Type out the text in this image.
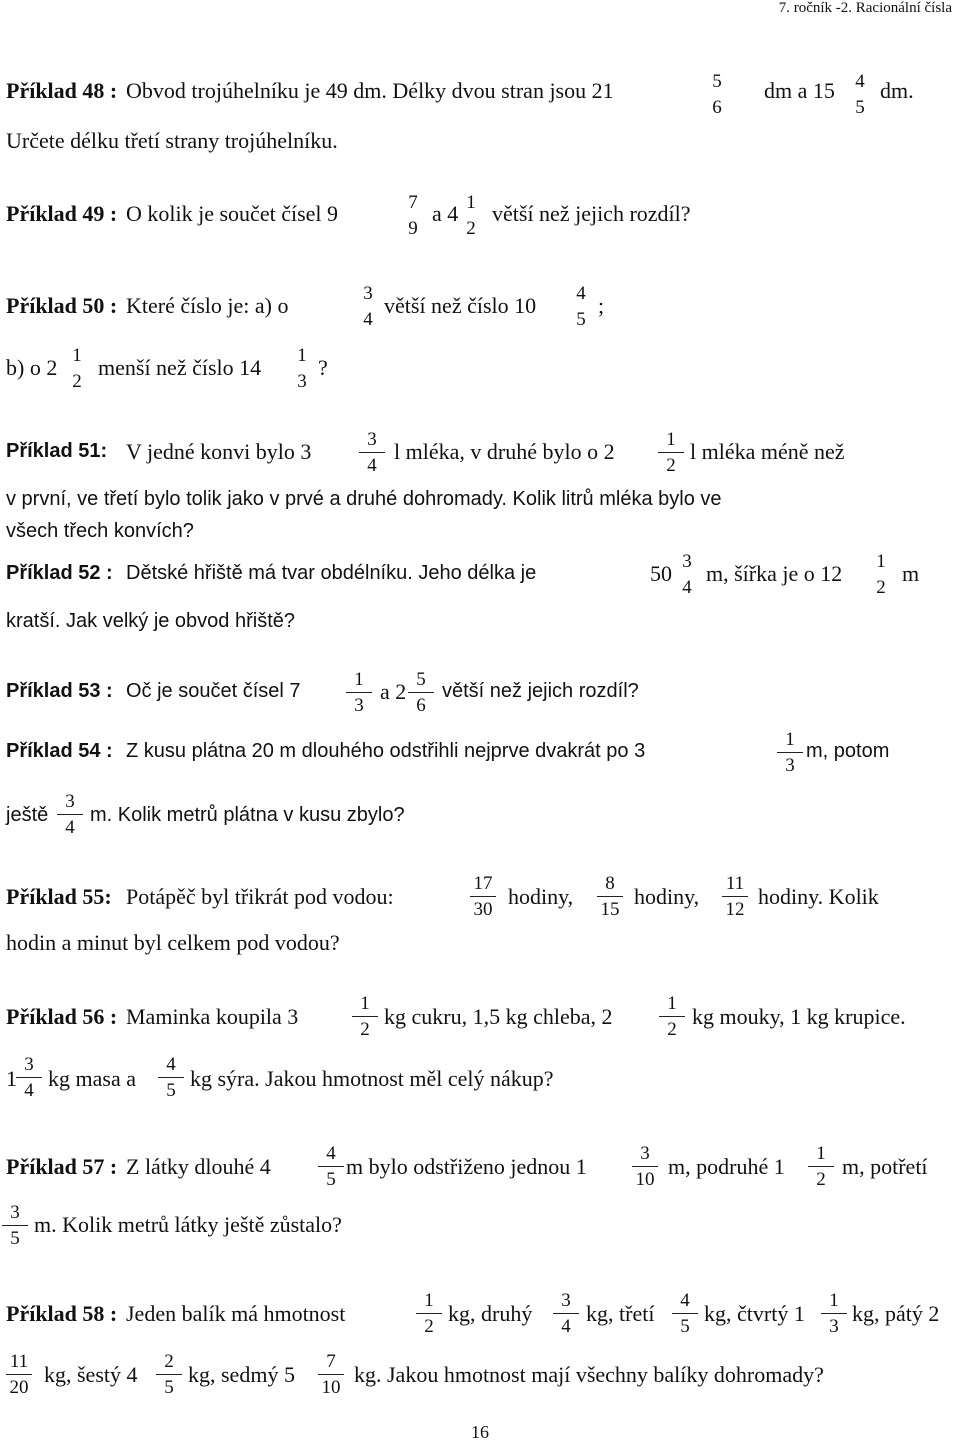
7. ročník -2. Racionální čísla
Příklad 48 : Obvod trojúhelníku je 49 dm. Délky dvou stran jsou 21	5
6
dm a 15	4
5
dm.
Určete délku třetí strany trojúhelníku.
Příklad 49 : O kolik je součet čísel 9	7
9
a 4 1
2
větší než jejich rozdíl?
Příklad 50 : Které číslo je: a) o	3
4
větší než číslo 10	4
5
;
b) o 2 1
2
menší než číslo 14	1
3
?
Příklad 51: V jedné konvi bylo 3	3
4
l mléka, v druhé bylo o 2	1
2
l mléka méně než
v první, ve třetí bylo tolik jako v prvé a druhé dohromady. Kolik litrů mléka bylo ve
všech třech konvích?
Příklad 52 : Dětské hřiště má tvar obdélníku. Jeho délka je	50 3
4
m, šířka je o 12	1
2
m
kratší. Jak velký je obvod hřiště?
Příklad 53 : Oč je součet čísel 7
1
3
a 2 5
6
větší než jejich rozdíl?
Příklad 54 : Z kusu plátna 20 m dlouhého odstřihli nejprve dvakrát po 3
1
3
m, potom
ještě
3
4
m. Kolik metrů plátna v kusu zbylo?
Příklad 55: Potápěč byl třikrát pod vodou:
17
30
hodiny,
8
15
hodiny,
11
12
hodiny. Kolik
hodin a minut byl celkem pod vodou?
Příklad 56 : Maminka koupila 3
1
2
kg cukru, 1,5 kg chleba, 2
1
2
kg mouky, 1 kg krupice.
1
3
4 kg masa a
4
5 kg sýra. Jakou hmotnost měl celý nákup?
Příklad 57 : Z látky dlouhé 4
4
5
m bylo odstřiženo jednou 1
3
10
m, podruhé 1
1
2
m, potřetí
3
5
m. Kolik metrů látky ještě zůstalo?
Příklad 58 : Jeden balík má hmotnost
1
2
kg, druhý
3
4
kg, třetí
4
5
kg, čtvrtý 1
1
3
kg, pátý 2
11
20
kg, šestý 4
2
5
kg, sedmý 5
7
10
kg. Jakou hmotnost mají všechny balíky dohromady?
16
